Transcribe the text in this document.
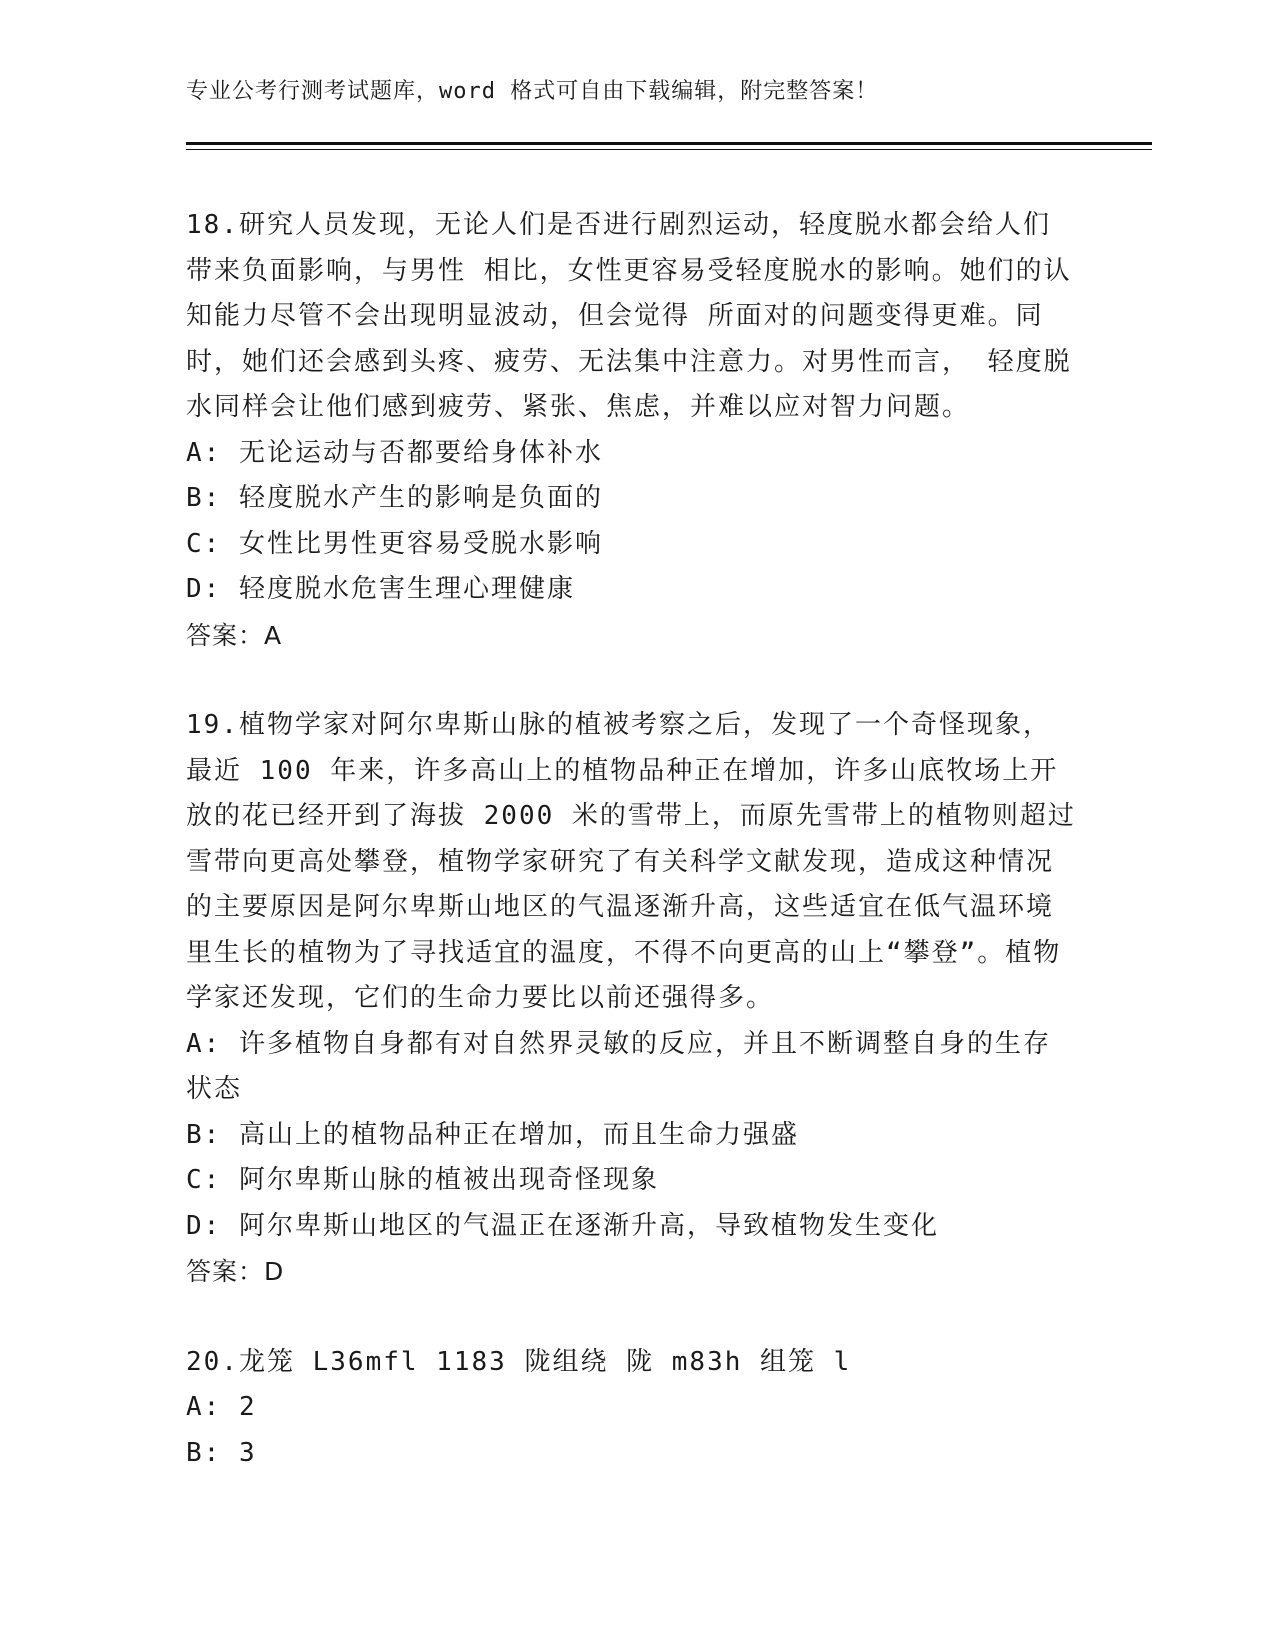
专业公考行测考试题库，word 格式可自由下载编辑，附完整答案！

18.研究人员发现，无论人们是否进行剧烈运动，轻度脱水都会给人们带来负面影响，与男性 相比，女性更容易受轻度脱水的影响。她们的认知能力尽管不会出现明显波动，但会觉得 所面对的问题变得更难。同时，她们还会感到头疼、疲劳、无法集中注意力。对男性而言， 轻度脱水同样会让他们感到疲劳、紧张、焦虑，并难以应对智力问题。

A: 无论运动与否都要给身体补水

B: 轻度脱水产生的影响是负面的

C: 女性比男性更容易受脱水影响

D: 轻度脱水危害生理心理健康

答案：A

19.植物学家对阿尔卑斯山脉的植被考察之后，发现了一个奇怪现象，最近 100 年来，许多高山上的植物品种正在增加，许多山底牧场上开放的花已经开到了海拔 2000 米的雪带上，而原先雪带上的植物则超过雪带向更高处攀登，植物学家研究了有关科学文献发现，造成这种情况的主要原因是阿尔卑斯山地区的气温逐渐升高，这些适宜在低气温环境里生长的植物为了寻找适宜的温度，不得不向更高的山上“攀登”。植物学家还发现，它们的生命力要比以前还强得多。

A: 许多植物自身都有对自然界灵敏的反应，并且不断调整自身的生存状态

B: 高山上的植物品种正在增加，而且生命力强盛

C: 阿尔卑斯山脉的植被出现奇怪现象

D: 阿尔卑斯山地区的气温正在逐渐升高，导致植物发生变化

答案：D

20.龙笼 L36mfl 1183 陇组绕 陇 m83h 组笼 l

A: 2

B: 3
